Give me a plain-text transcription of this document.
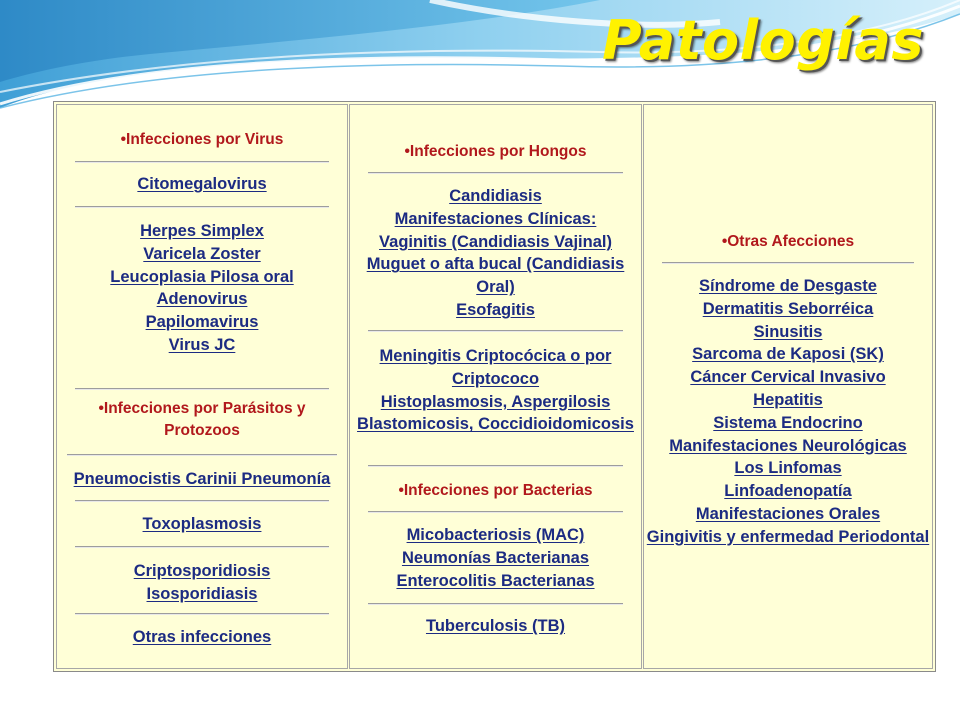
Patologías
•Infecciones por Virus
Citomegalovirus
Herpes Simplex
Varicela Zoster
Leucoplasia Pilosa oral
Adenovirus
Papilomavirus
Virus JC
•Infecciones por Parásitos y Protozoos
Pneumocistis Carinii Pneumonía
Toxoplasmosis
Criptosporidiosis
Isosporidiasis
Otras infecciones
•Infecciones por Hongos
Candidiasis
Manifestaciones Clínicas:
Vaginitis (Candidiasis Vajinal)
Muguet o afta bucal (Candidiasis
Oral)
Esofagitis
Meningitis Criptocócica o por
Criptococo
Histoplasmosis, Aspergilosis
Blastomicosis, Coccidioidomicosis
•Infecciones por Bacterias
Micobacteriosis (MAC)
Neumonías Bacterianas
Enterocolitis Bacterianas
Tuberculosis (TB)
•Otras Afecciones
Síndrome de Desgaste
Dermatitis Seborréica
Sinusitis
Sarcoma de Kaposi (SK)
Cáncer Cervical Invasivo
Hepatitis
Sistema Endocrino
Manifestaciones Neurológicas
Los Linfomas
Linfoadenopatía
Manifestaciones Orales
Gingivitis y enfermedad Periodontal
